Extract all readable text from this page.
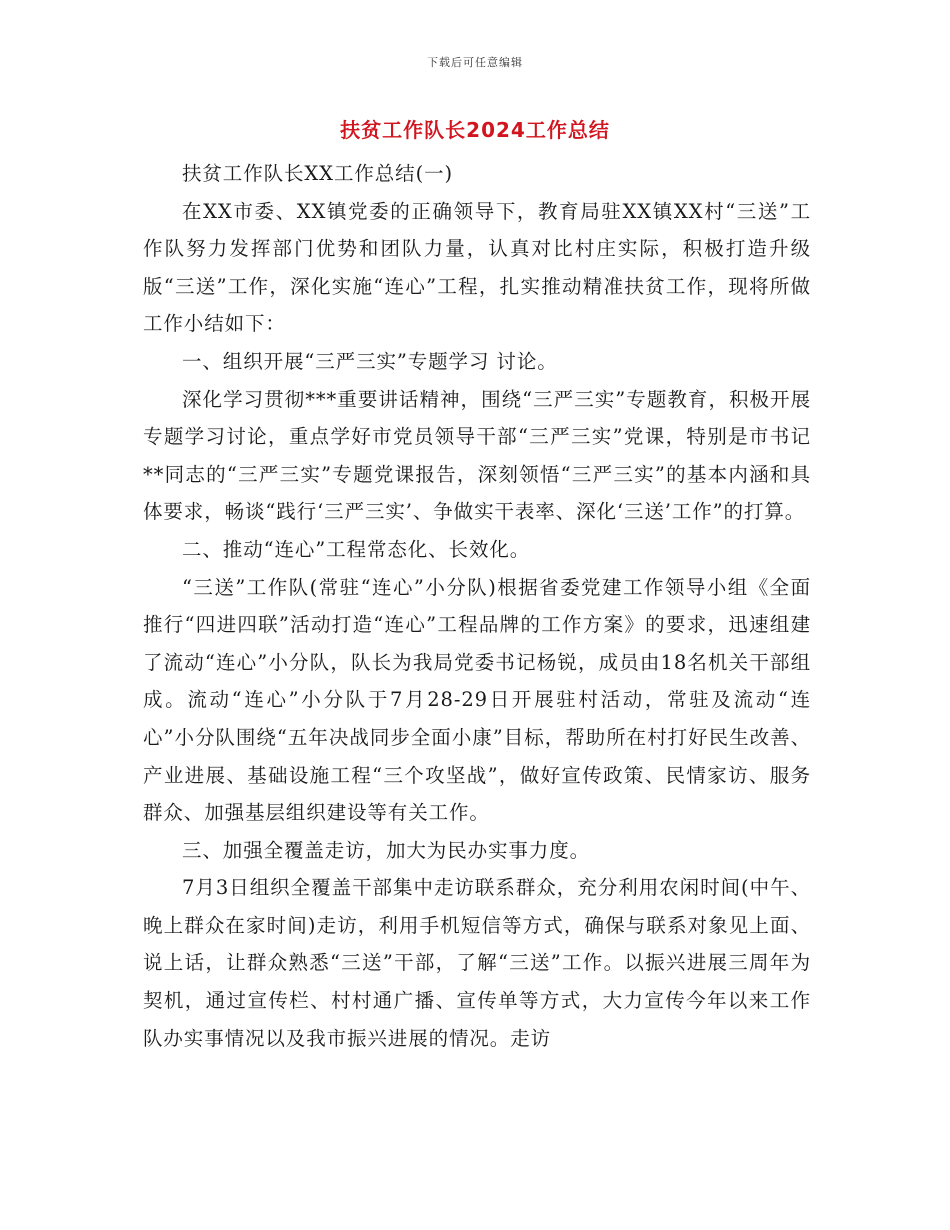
下载后可任意编辑
扶贫工作队长2024工作总结

扶贫工作队长XX工作总结(一)

在XX市委、XX镇党委的正确领导下，教育局驻XX镇XX村“三送”工作队努力发挥部门优势和团队力量，认真对比村庄实际，积极打造升级版“三送”工作，深化实施“连心”工程，扎实推动精准扶贫工作，现将所做工作小结如下：

一、组织开展“三严三实”专题学习 讨论。

深化学习贯彻***重要讲话精神，围绕“三严三实”专题教育，积极开展专题学习讨论，重点学好市党员领导干部“三严三实”党课，特别是市书记**同志的“三严三实”专题党课报告，深刻领悟“三严三实”的基本内涵和具体要求，畅谈“践行‘三严三实’、争做实干表率、深化‘三送’工作”的打算。

二、推动“连心”工程常态化、长效化。

“三送”工作队(常驻“连心”小分队)根据省委党建工作领导小组《全面推行“四进四联”活动打造“连心”工程品牌的工作方案》的要求，迅速组建了流动“连心”小分队，队长为我局党委书记杨锐，成员由18名机关干部组成。流动“连心”小分队于7月28-29日开展驻村活动，常驻及流动“连心”小分队围绕“五年决战同步全面小康”目标，帮助所在村打好民生改善、产业进展、基础设施工程“三个攻坚战”，做好宣传政策、民情家访、服务群众、加强基层组织建设等有关工作。

三、加强全覆盖走访，加大为民办实事力度。

7月3日组织全覆盖干部集中走访联系群众，充分利用农闲时间(中午、晚上群众在家时间)走访，利用手机短信等方式，确保与联系对象见上面、说上话，让群众熟悉“三送”干部，了解“三送”工作。以振兴进展三周年为契机，通过宣传栏、村村通广播、宣传单等方式，大力宣传今年以来工作队办实事情况以及我市振兴进展的情况。走访
